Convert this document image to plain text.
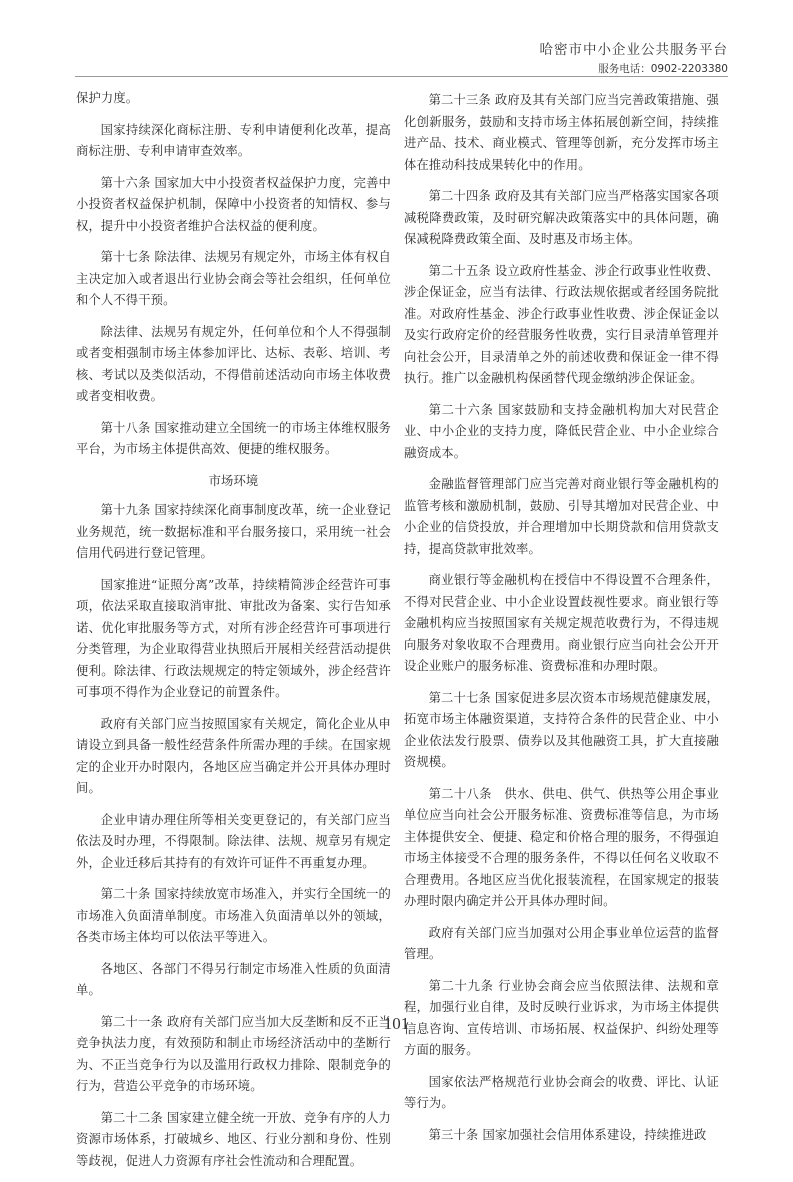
哈密市中小企业公共服务平台
服务电话：0902-2203380

保护力度。

国家持续深化商标注册、专利申请便利化改革，提高商标注册、专利申请审查效率。

第十六条 国家加大中小投资者权益保护力度，完善中小投资者权益保护机制，保障中小投资者的知情权、参与权，提升中小投资者维护合法权益的便利度。

第十七条 除法律、法规另有规定外，市场主体有权自主决定加入或者退出行业协会商会等社会组织，任何单位和个人不得干预。

除法律、法规另有规定外，任何单位和个人不得强制或者变相强制市场主体参加评比、达标、表彰、培训、考核、考试以及类似活动，不得借前述活动向市场主体收费或者变相收费。

第十八条 国家推动建立全国统一的市场主体维权服务平台，为市场主体提供高效、便捷的维权服务。

市场环境

第十九条 国家持续深化商事制度改革，统一企业登记业务规范，统一数据标准和平台服务接口，采用统一社会信用代码进行登记管理。

国家推进“证照分离”改革，持续精简涉企经营许可事项，依法采取直接取消审批、审批改为备案、实行告知承诺、优化审批服务等方式，对所有涉企经营许可事项进行分类管理，为企业取得营业执照后开展相关经营活动提供便利。除法律、行政法规规定的特定领域外，涉企经营许可事项不得作为企业登记的前置条件。

政府有关部门应当按照国家有关规定，简化企业从申请设立到具备一般性经营条件所需办理的手续。在国家规定的企业开办时限内，各地区应当确定并公开具体办理时间。

企业申请办理住所等相关变更登记的，有关部门应当依法及时办理，不得限制。除法律、法规、规章另有规定外，企业迁移后其持有的有效许可证件不再重复办理。

第二十条 国家持续放宽市场准入，并实行全国统一的市场准入负面清单制度。市场准入负面清单以外的领域，各类市场主体均可以依法平等进入。

各地区、各部门不得另行制定市场准入性质的负面清单。

第二十一条 政府有关部门应当加大反垄断和反不正当竞争执法力度，有效预防和制止市场经济活动中的垄断行为、不正当竞争行为以及滥用行政权力排除、限制竞争的行为，营造公平竞争的市场环境。

第二十二条 国家建立健全统一开放、竞争有序的人力资源市场体系，打破城乡、地区、行业分割和身份、性别等歧视，促进人力资源有序社会性流动和合理配置。

第二十三条 政府及其有关部门应当完善政策措施、强化创新服务，鼓励和支持市场主体拓展创新空间，持续推进产品、技术、商业模式、管理等创新，充分发挥市场主体在推动科技成果转化中的作用。

第二十四条 政府及其有关部门应当严格落实国家各项减税降费政策，及时研究解决政策落实中的具体问题，确保减税降费政策全面、及时惠及市场主体。

第二十五条 设立政府性基金、涉企行政事业性收费、涉企保证金，应当有法律、行政法规依据或者经国务院批准。对政府性基金、涉企行政事业性收费、涉企保证金以及实行政府定价的经营服务性收费，实行目录清单管理并向社会公开，目录清单之外的前述收费和保证金一律不得执行。推广以金融机构保函替代现金缴纳涉企保证金。

第二十六条 国家鼓励和支持金融机构加大对民营企业、中小企业的支持力度，降低民营企业、中小企业综合融资成本。

金融监督管理部门应当完善对商业银行等金融机构的监管考核和激励机制，鼓励、引导其增加对民营企业、中小企业的信贷投放，并合理增加中长期贷款和信用贷款支持，提高贷款审批效率。

商业银行等金融机构在授信中不得设置不合理条件，不得对民营企业、中小企业设置歧视性要求。商业银行等金融机构应当按照国家有关规定规范收费行为，不得违规向服务对象收取不合理费用。商业银行应当向社会公开开设企业账户的服务标准、资费标准和办理时限。

第二十七条 国家促进多层次资本市场规范健康发展，拓宽市场主体融资渠道，支持符合条件的民营企业、中小企业依法发行股票、债券以及其他融资工具，扩大直接融资规模。

第二十八条　供水、供电、供气、供热等公用企事业单位应当向社会公开服务标准、资费标准等信息，为市场主体提供安全、便捷、稳定和价格合理的服务，不得强迫市场主体接受不合理的服务条件，不得以任何名义收取不合理费用。各地区应当优化报装流程，在国家规定的报装办理时限内确定并公开具体办理时间。

政府有关部门应当加强对公用企事业单位运营的监督管理。

第二十九条 行业协会商会应当依照法律、法规和章程，加强行业自律，及时反映行业诉求，为市场主体提供信息咨询、宣传培训、市场拓展、权益保护、纠纷处理等方面的服务。

国家依法严格规范行业协会商会的收费、评比、认证等行为。

第三十条 国家加强社会信用体系建设，持续推进政

101
